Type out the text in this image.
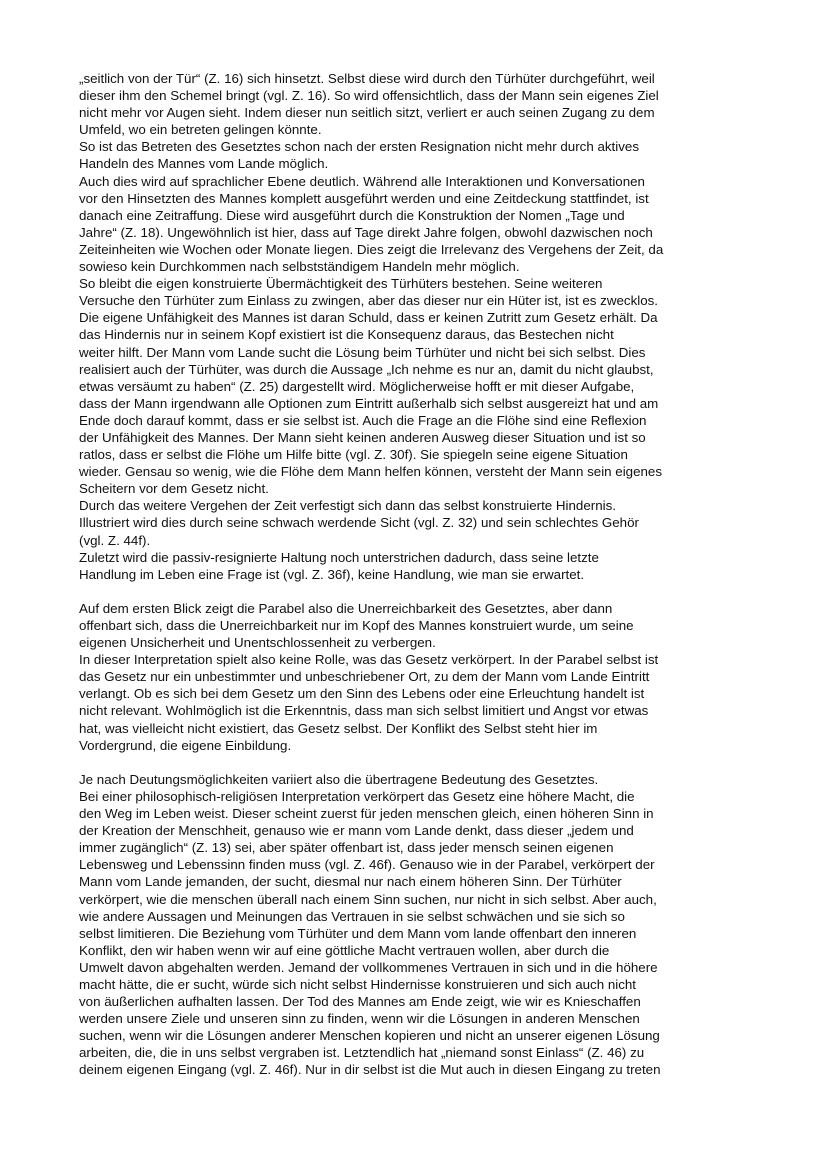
„seitlich von der Tür“ (Z. 16) sich hinsetzt. Selbst diese wird durch den Türhüter durchgeführt, weil
dieser ihm den Schemel bringt (vgl. Z. 16). So wird offensichtlich, dass der Mann sein eigenes Ziel
nicht mehr vor Augen sieht. Indem dieser nun seitlich sitzt, verliert er auch seinen Zugang zu dem
Umfeld, wo ein betreten gelingen könnte.
So ist das Betreten des Gesetztes schon nach der ersten Resignation nicht mehr durch aktives
Handeln des Mannes vom Lande möglich.
Auch dies wird auf sprachlicher Ebene deutlich. Während alle Interaktionen und Konversationen
vor den Hinsetzten des Mannes komplett ausgeführt werden und eine Zeitdeckung stattfindet, ist
danach eine Zeitraffung. Diese wird ausgeführt durch die Konstruktion der Nomen „Tage und
Jahre“ (Z. 18). Ungewöhnlich ist hier, dass auf Tage direkt Jahre folgen, obwohl dazwischen noch
Zeiteinheiten wie Wochen oder Monate liegen. Dies zeigt die Irrelevanz des Vergehens der Zeit, da
sowieso kein Durchkommen nach selbstständigem Handeln mehr möglich.
So bleibt die eigen konstruierte Übermächtigkeit des Türhüters bestehen. Seine weiteren
Versuche den Türhüter zum Einlass zu zwingen, aber das dieser nur ein Hüter ist, ist es zwecklos.
Die eigene Unfähigkeit des Mannes ist daran Schuld, dass er keinen Zutritt zum Gesetz erhält. Da
das Hindernis nur in seinem Kopf existiert ist die Konsequenz daraus, das Bestechen nicht
weiter hilft. Der Mann vom Lande sucht die Lösung beim Türhüter und nicht bei sich selbst. Dies
realisiert auch der Türhüter, was durch die Aussage „Ich nehme es nur an, damit du nicht glaubst,
etwas versäumt zu haben“ (Z. 25) dargestellt wird. Möglicherweise hofft er mit dieser Aufgabe,
dass der Mann irgendwann alle Optionen zum Eintritt außerhalb sich selbst ausgereizt hat und am
Ende doch darauf kommt, dass er sie selbst ist. Auch die Frage an die Flöhe sind eine Reflexion
der Unfähigkeit des Mannes. Der Mann sieht keinen anderen Ausweg dieser Situation und ist so
ratlos, dass er selbst die Flöhe um Hilfe bitte (vgl. Z. 30f). Sie spiegeln seine eigene Situation
wieder. Gensau so wenig, wie die Flöhe dem Mann helfen können, versteht der Mann sein eigenes
Scheitern vor dem Gesetz nicht.
Durch das weitere Vergehen der Zeit verfestigt sich dann das selbst konstruierte Hindernis.
Illustriert wird dies durch seine schwach werdende Sicht (vgl. Z. 32) und sein schlechtes Gehör
(vgl. Z. 44f).
Zuletzt wird die passiv-resignierte Haltung noch unterstrichen dadurch, dass seine letzte
Handlung im Leben eine Frage ist (vgl. Z. 36f), keine Handlung, wie man sie erwartet.
Auf dem ersten Blick zeigt die Parabel also die Unerreichbarkeit des Gesetztes, aber dann
offenbart sich, dass die Unerreichbarkeit nur im Kopf des Mannes konstruiert wurde, um seine
eigenen Unsicherheit und Unentschlossenheit zu verbergen.
In dieser Interpretation spielt also keine Rolle, was das Gesetz verkörpert. In der Parabel selbst ist
das Gesetz nur ein unbestimmter und unbeschriebener Ort, zu dem der Mann vom Lande Eintritt
verlangt. Ob es sich bei dem Gesetz um den Sinn des Lebens oder eine Erleuchtung handelt ist
nicht relevant. Wohlmöglich ist die Erkenntnis, dass man sich selbst limitiert und Angst vor etwas
hat, was vielleicht nicht existiert, das Gesetz selbst. Der Konflikt des Selbst steht hier im
Vordergrund, die eigene Einbildung.
Je nach Deutungsmöglichkeiten variiert also die übertragene Bedeutung des Gesetztes.
Bei einer philosophisch-religiösen Interpretation verkörpert das Gesetz eine höhere Macht, die
den Weg im Leben weist. Dieser scheint zuerst für jeden menschen gleich, einen höheren Sinn in
der Kreation der Menschheit, genauso wie er mann vom Lande denkt, dass dieser „jedem und
immer zugänglich“ (Z. 13) sei, aber später offenbart ist, dass jeder mensch seinen eigenen
Lebensweg und Lebenssinn finden muss (vgl. Z. 46f). Genauso wie in der Parabel, verkörpert der
Mann vom Lande jemanden, der sucht, diesmal nur nach einem höheren Sinn. Der Türhüter
verkörpert, wie die menschen überall nach einem Sinn suchen, nur nicht in sich selbst. Aber auch,
wie andere Aussagen und Meinungen das Vertrauen in sie selbst schwächen und sie sich so
selbst limitieren. Die Beziehung vom Türhüter und dem Mann vom lande offenbart den inneren
Konflikt, den wir haben wenn wir auf eine göttliche Macht vertrauen wollen, aber durch die
Umwelt davon abgehalten werden. Jemand der vollkommenes Vertrauen in sich und in die höhere
macht hätte, die er sucht, würde sich nicht selbst Hindernisse konstruieren und sich auch nicht
von äußerlichen aufhalten lassen. Der Tod des Mannes am Ende zeigt, wie wir es Knieschaffen
werden unsere Ziele und unseren sinn zu finden, wenn wir die Lösungen in anderen Menschen
suchen, wenn wir die Lösungen anderer Menschen kopieren und nicht an unserer eigenen Lösung
arbeiten, die, die in uns selbst vergraben ist. Letztendlich hat „niemand sonst Einlass“ (Z. 46) zu
deinem eigenen Eingang (vgl. Z. 46f). Nur in dir selbst ist die Mut auch in diesen Eingang zu treten
